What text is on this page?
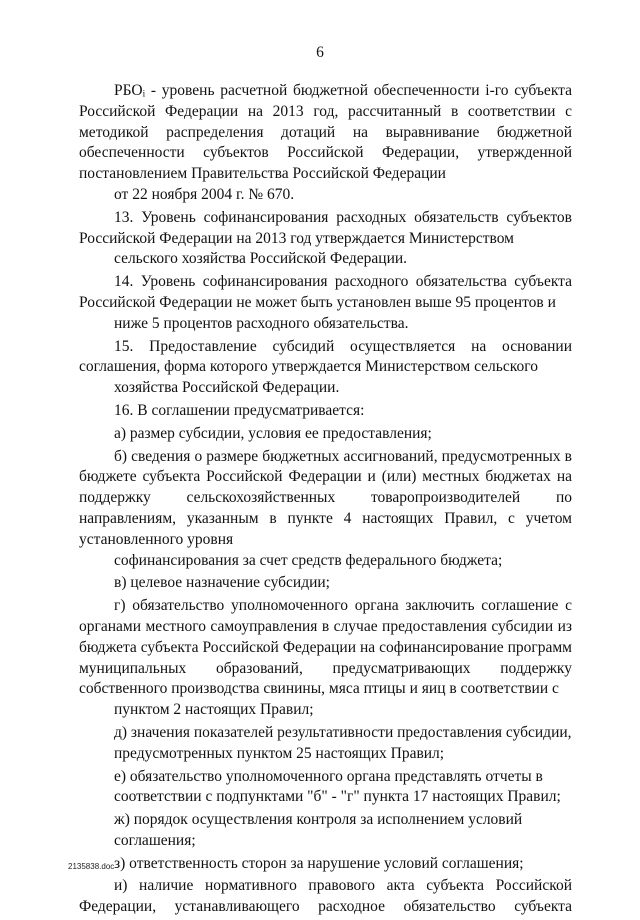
6

РБОᵢ - уровень расчетной бюджетной обеспеченности i-го субъекта Российской Федерации на 2013 год, рассчитанный в соответствии с методикой распределения дотаций на выравнивание бюджетной обеспеченности субъектов Российской Федерации, утвержденной постановлением Правительства Российской Федерации
от 22 ноября 2004 г. № 670.

13. Уровень софинансирования расходных обязательств субъектов Российской Федерации на 2013 год утверждается Министерством
сельского хозяйства Российской Федерации.

14. Уровень софинансирования расходного обязательства субъекта Российской Федерации не может быть установлен выше 95 процентов и
ниже 5 процентов расходного обязательства.

15. Предоставление субсидий осуществляется на основании соглашения, форма которого утверждается Министерством сельского
хозяйства Российской Федерации.

16. В соглашении предусматривается:

а) размер субсидии, условия ее предоставления;

б) сведения о размере бюджетных ассигнований, предусмотренных в бюджете субъекта Российской Федерации и (или) местных бюджетах на поддержку сельскохозяйственных товаропроизводителей по направлениям, указанным в пункте 4 настоящих Правил, с учетом установленного уровня
софинансирования за счет средств федерального бюджета;

в) целевое назначение субсидии;

г) обязательство уполномоченного органа заключить соглашение с органами местного самоуправления в случае предоставления субсидии из бюджета субъекта Российской Федерации на софинансирование программ муниципальных образований, предусматривающих поддержку собственного производства свинины, мяса птицы и яиц в соответствии с
пунктом 2 настоящих Правил;

д) значения показателей результативности предоставления субсидии,
предусмотренных пунктом 25 настоящих Правил;

е) обязательство уполномоченного органа представлять отчеты в
соответствии с подпунктами "б" - "г" пункта 17 настоящих Правил;

ж) порядок осуществления контроля за исполнением условий
соглашения;

з) ответственность сторон за нарушение условий соглашения;

и) наличие нормативного правового акта субъекта Российской Федерации, устанавливающего расходное обязательство субъекта

2135838.doc
